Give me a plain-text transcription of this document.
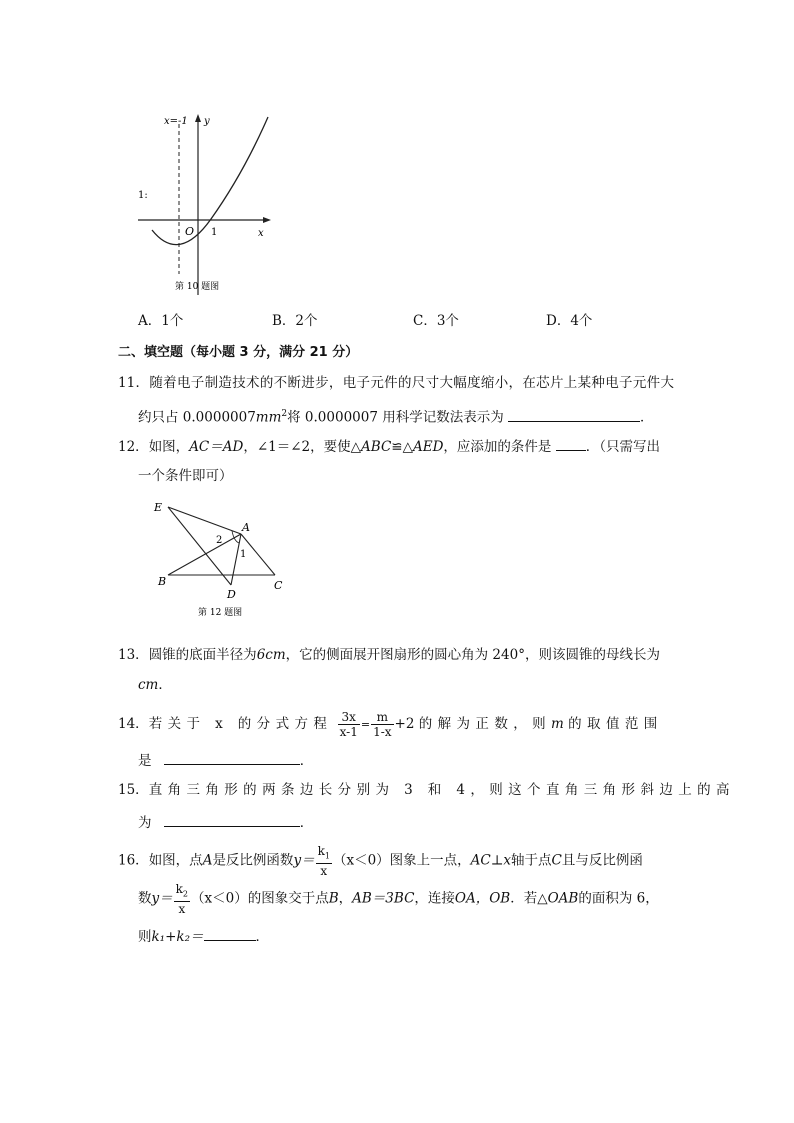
x=-1 y
x
O 1
1:
第 10 题图
A．1个	B．2个	C．3个	D．4个
二、填空题（每小题 3 分，满分 21 分）
11．随着电子制造技术的不断进步，电子元件的尺寸大幅度缩小，在芯片上某种电子元件大
约只占 $0.0000007mm^2$将 0.0000007 用科学记数法表示为	．
12．如图，AC＝AD，∠1＝∠2，要使△ABC≌△AED，应添加的条件是	．（只需写出
一个条件即可）
E
A
B	C
D
2
1
第 12 题图
13．圆锥的底面半径为6cm，它的侧面展开图扇形的圆心角为 240°，则该圆锥的母线长为
cm．
14．若关于 x 的分式方程 $\frac{3x}{x-1} = \frac{m}{1-x} +2$ 的解为正数，则m 的取值范围
是	．
15．直角三角形的两条边长分别为 3 和 4，则这个直角三角形斜边上的高
为	．
16．如图，点A是反比例函数$y= \frac{k_1}{x} (x<0)$图象上一点，AC⊥x轴于点C且与反比例函
数$y= \frac{k_2}{x} (x<0)$的图象交于点B，AB＝3BC，连接OA，OB．若△OAB的面积为 6，
则k₁+k₂＝	．
